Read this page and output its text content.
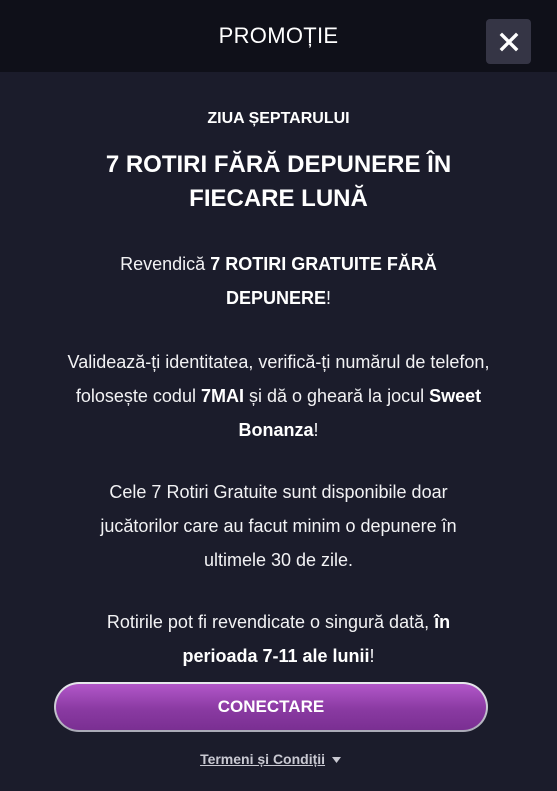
PROMOȚIE
ZIUA ȘEPTARULUI
7 ROTIRI FĂRĂ DEPUNERE ÎN FIECARE LUNĂ
Revendică 7 ROTIRI GRATUITE FĂRĂ DEPUNERE!
Validează-ți identitatea, verifică-ți numărul de telefon, folosește codul 7MAI și dă o gheară la jocul Sweet Bonanza!
Cele 7 Rotiri Gratuite sunt disponibile doar jucătorilor care au facut minim o depunere în ultimele 30 de zile.
Rotirile pot fi revendicate o singură dată, în perioada 7-11 ale lunii!
CONECTARE
Termeni și Condiții
